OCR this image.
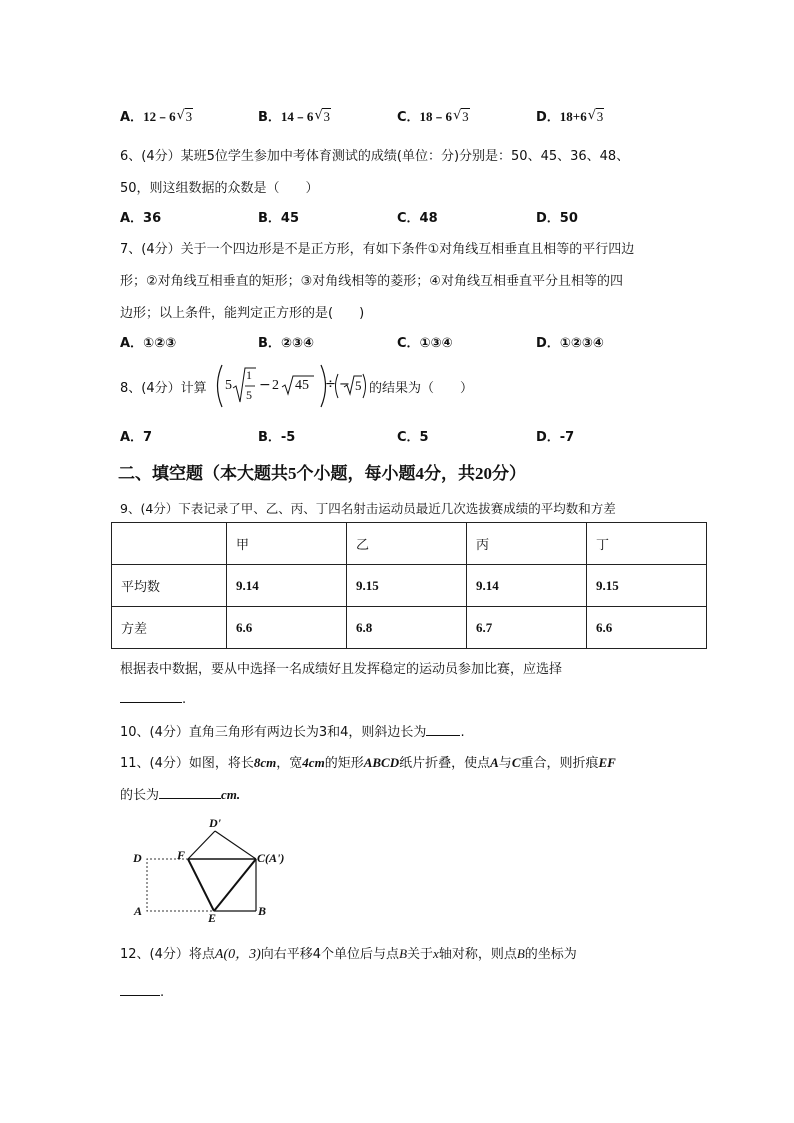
A．12﹣6 √ 3	B．14﹣6 √ 3	C．18﹣6 √ 3	D．18+6 √ 3
6、(4分）某班5位学生参加中考体育测试的成绩(单位：分)分别是：50、45、36、48、
50，则这组数据的众数是（　　）
A．36	B．45	C．48	D．50
7、(4分）关于一个四边形是不是正方形，有如下条件①对角线互相垂直且相等的平行四边
形；②对角线互相垂直的矩形；③对角线相等的菱形；④对角线互相垂直平分且相等的四
边形；以上条件，能判定正方形的是(　　)
A．①②③	B．②③④	C．①③④	D．①②③④
8、(4分）计算 5
1
5
− 2 45 ÷ − 5 的结果为（　　）
A．7	B．-5	C．5	D．-7
二、填空题（本大题共5个小题，每小题4分，共20分）
9、(4分）下表记录了甲、乙、丙、丁四名射击运动员最近几次选拔赛成绩的平均数和方差
	甲	乙	丙	丁
平均数	9.14	9.15	9.14	9.15
方差	6.6	6.8	6.7	6.6
根据表中数据，要从中选择一名成绩好且发挥稳定的运动员参加比赛，应选择
.
10、(4分）直角三角形有两边长为3和4，则斜边长为	.
11、(4分）如图，将长8cm，宽4cm的矩形ABCD纸片折叠，使点A与C重合，则折痕EF
的长为	cm.
D'
D	F	C(A')
A	E	B
12、(4分）将点A(0，3)向右平移4个单位后与点B关于x轴对称，则点B的坐标为
.
